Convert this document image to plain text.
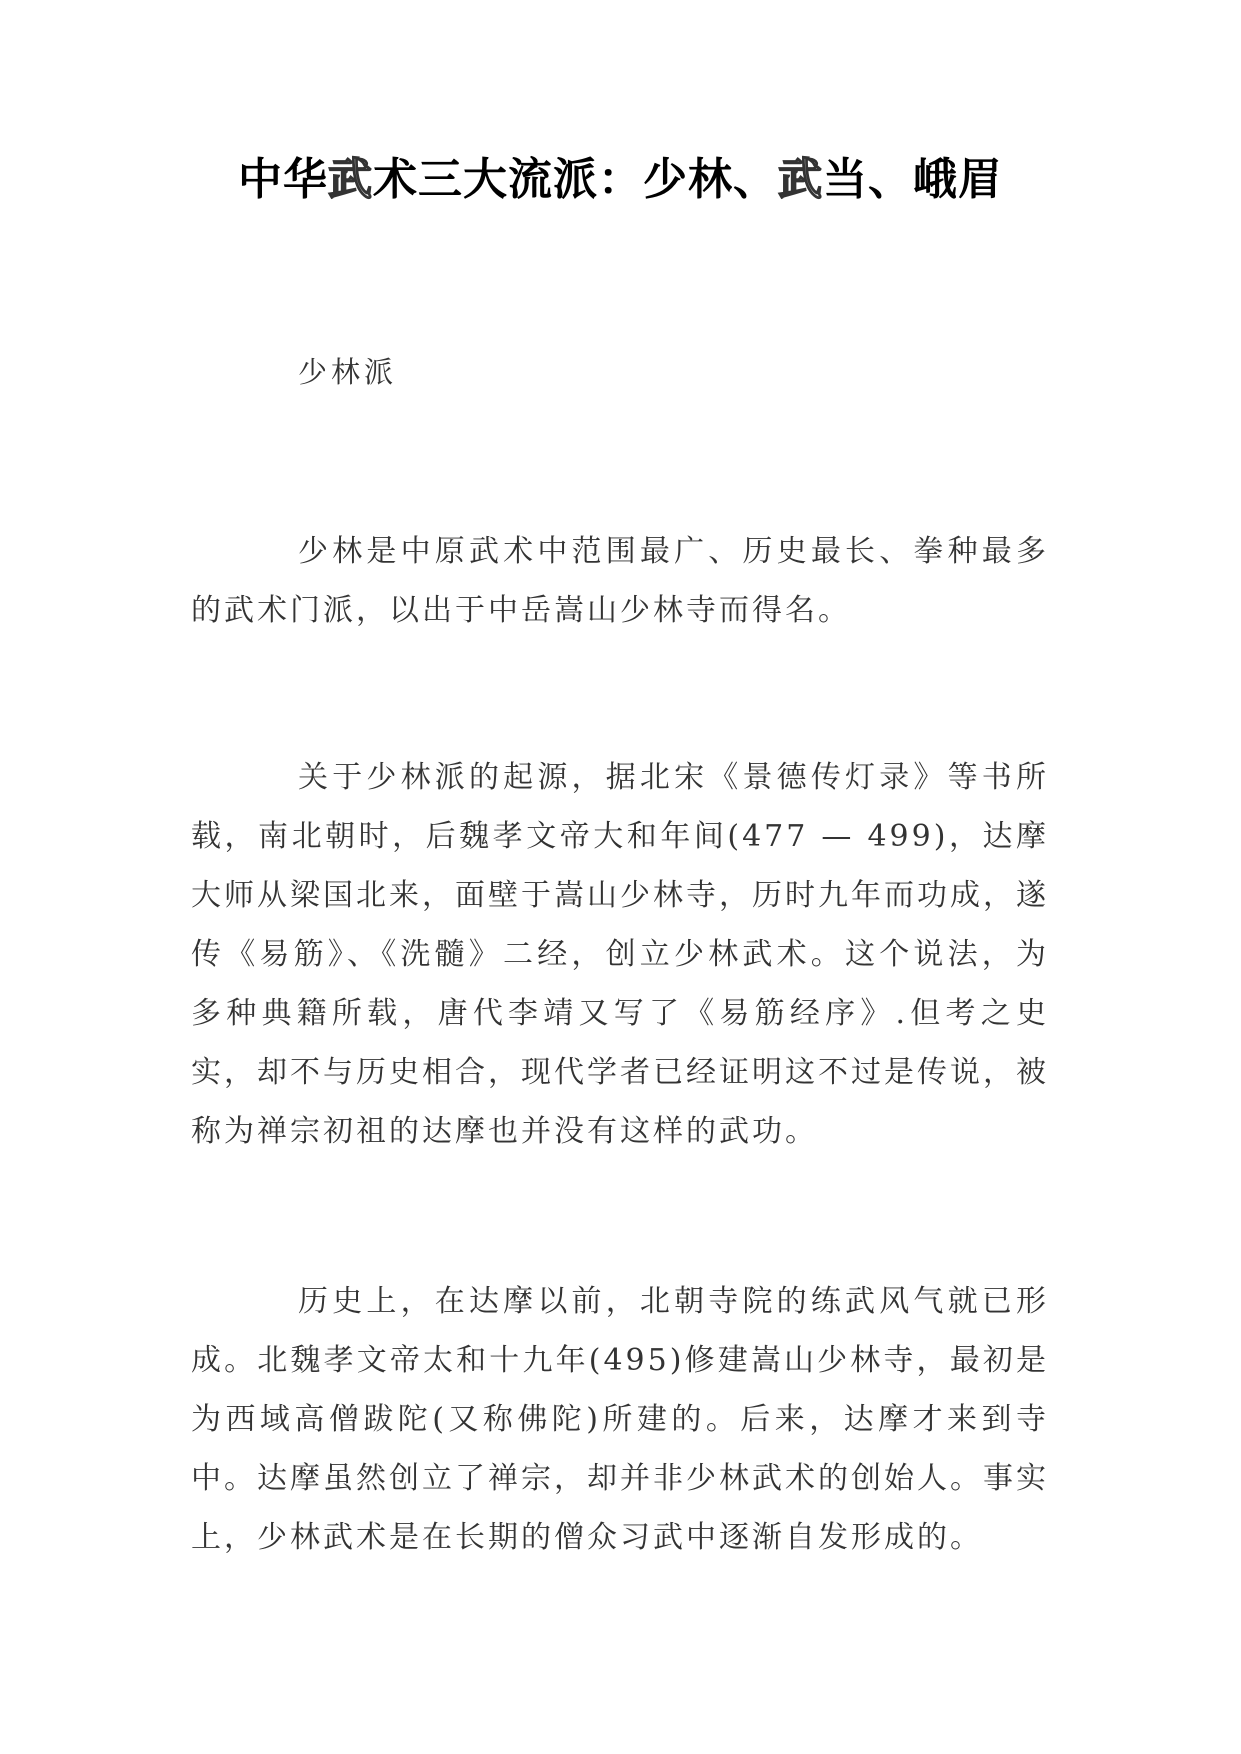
中华武术三大流派：少林、武当、峨眉
少林派

少林是中原武术中范围最广、历史最长、拳种最多的武术门派，以出于中岳嵩山少林寺而得名。

关于少林派的起源，据北宋《景德传灯录》等书所载，南北朝时，后魏孝文帝大和年间(477 — 499)，达摩大师从梁国北来，面壁于嵩山少林寺，历时九年而功成，遂传《易筋》、《洗髓》二经，创立少林武术。这个说法，为多种典籍所载，唐代李靖又写了《易筋经序》.但考之史实，却不与历史相合，现代学者已经证明这不过是传说，被称为禅宗初祖的达摩也并没有这样的武功。

历史上，在达摩以前，北朝寺院的练武风气就已形成。北魏孝文帝太和十九年(495)修建嵩山少林寺，最初是为西域高僧跋陀(又称佛陀)所建的。后来，达摩才来到寺中。达摩虽然创立了禅宗，却并非少林武术的创始人。事实上，少林武术是在长期的僧众习武中逐渐自发形成的。
